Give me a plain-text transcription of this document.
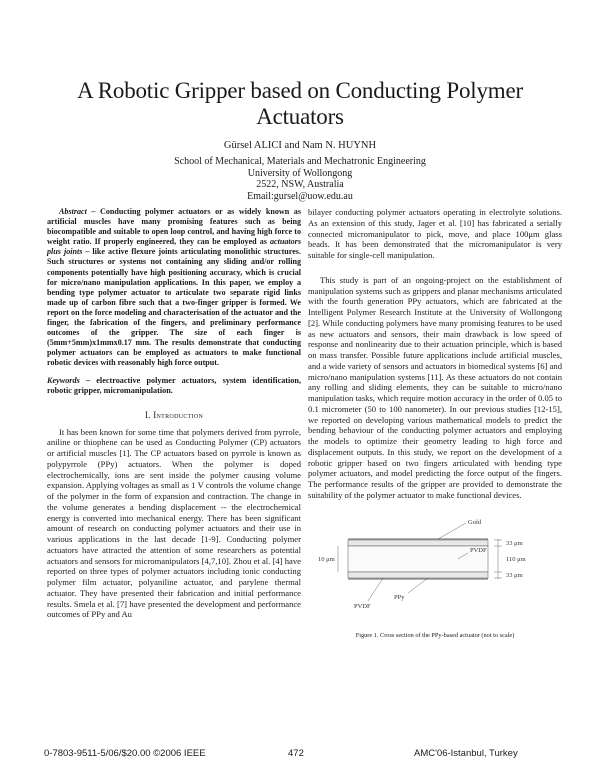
A Robotic Gripper based on Conducting Polymer Actuators
Gürsel ALICI and Nam N. HUYNH
School of Mechanical, Materials and Mechatronic Engineering
University of Wollongong
2522, NSW, Australia
Email:gursel@uow.edu.au

Abstract – Conducting polymer actuators or as widely known as artificial muscles have many promising features such as being biocompatible and suitable to open loop control, and having high force to weight ratio. If properly engineered, they can be employed as actuators plus joints – like active flexure joints articulating monolithic structures. Such structures or systems not containing any sliding and/or rolling components potentially have high positioning accuracy, which is crucial for micro/nano manipulation applications. In this paper, we employ a bending type polymer actuator to articulate two separate rigid links made up of carbon fibre such that a two-finger gripper is formed. We report on the force modeling and characterisation of the actuator and the finger, the fabrication of the fingers, and preliminary performance outcomes of the gripper. The size of each finger is (5mm+5mm)x1mmx0.17 mm. The results demonstrate that conducting polymer actuators can be employed as actuators to make functional robotic devices with reasonably high force output.

Keywords – electroactive polymer actuators, system identification, robotic gripper, micromanipulation.

I. Introduction

It has been known for some time that polymers derived from pyrrole, aniline or thiophene can be used as Conducting Polymer (CP) actuators or artificial muscles [1]. The CP actuators based on pyrrole is known as polypyrrole (PPy) actuators. When the polymer is doped electrochemically, ions are sent inside the polymer causing volume expansion. Applying voltages as small as 1 V controls the volume change of the polymer in the form of expansion and contraction. The change in the volume generates a bending displacement -- the electrochemical energy is converted into mechanical energy. There has been significant amount of research on conducting polymer actuators and their use in various applications in the last decade [1-9]. Conducting polymer actuators have attracted the attention of some researchers as potential actuators and sensors for micromanipulators [4,7,10]. Zhou et al. [4] have reported on three types of polymer actuators including ionic conducting polymer film actuator, polyaniline actuator, and parylene thermal actuator. They have presented their fabrication and initial performance results. Smela et al. [7] have presented the development and performance outcomes of PPy and Au

bilayer conducting polymer actuators operating in electrolyte solutions. As an extension of this study, Jager et al. [10] has fabricated a serially connected micromanipulator to pick, move, and place 100μm glass beads. It has been demonstrated that the micromanipulator is very suitable for single-cell manipulation.

This study is part of an ongoing-project on the establishment of manipulation systems such as grippers and planar mechanisms articulated with the fourth generation PPy actuators, which are fabricated at the Intelligent Polymer Research Institute at the University of Wollongong [2]. While conducting polymers have many promising features to be used as new actuators and sensors, their main drawback is low speed of response and nonlinearity due to their actuation principle, which is based on mass transfer. Possible future applications include artificial muscles, and a wide variety of sensors and actuators in biomedical systems [6] and micro/nano manipulation systems [11]. As these actuators do not contain any rolling and sliding elements, they can be suitable to micro/nano manipulation tasks, which require motion accuracy in the order of 0.05 to 0.1 micrometer (50 to 100 nanometer). In our previous studies [12-15], we reported on developing various mathematical models to predict the bending behaviour of the conducting polymer actuators and employing the models to optimize their geometry leading to high force and displacement outputs. In this study, we report on the development of a robotic gripper based on two fingers articulated with bending type polymer actuators, and model predicting the force output of the fingers. The performance results of the gripper are provided to demonstrate the suitability of the polymer actuator to make functional devices.

Gold
PVDF
10 μm
33 μm
110 μm
33 μm
PPy
PVDF

Figure 1. Cross section of the PPy-based actuator (not to scale)

0-7803-9511-5/06/$20.00 ©2006 IEEE	472	AMC'06-Istanbul, Turkey
